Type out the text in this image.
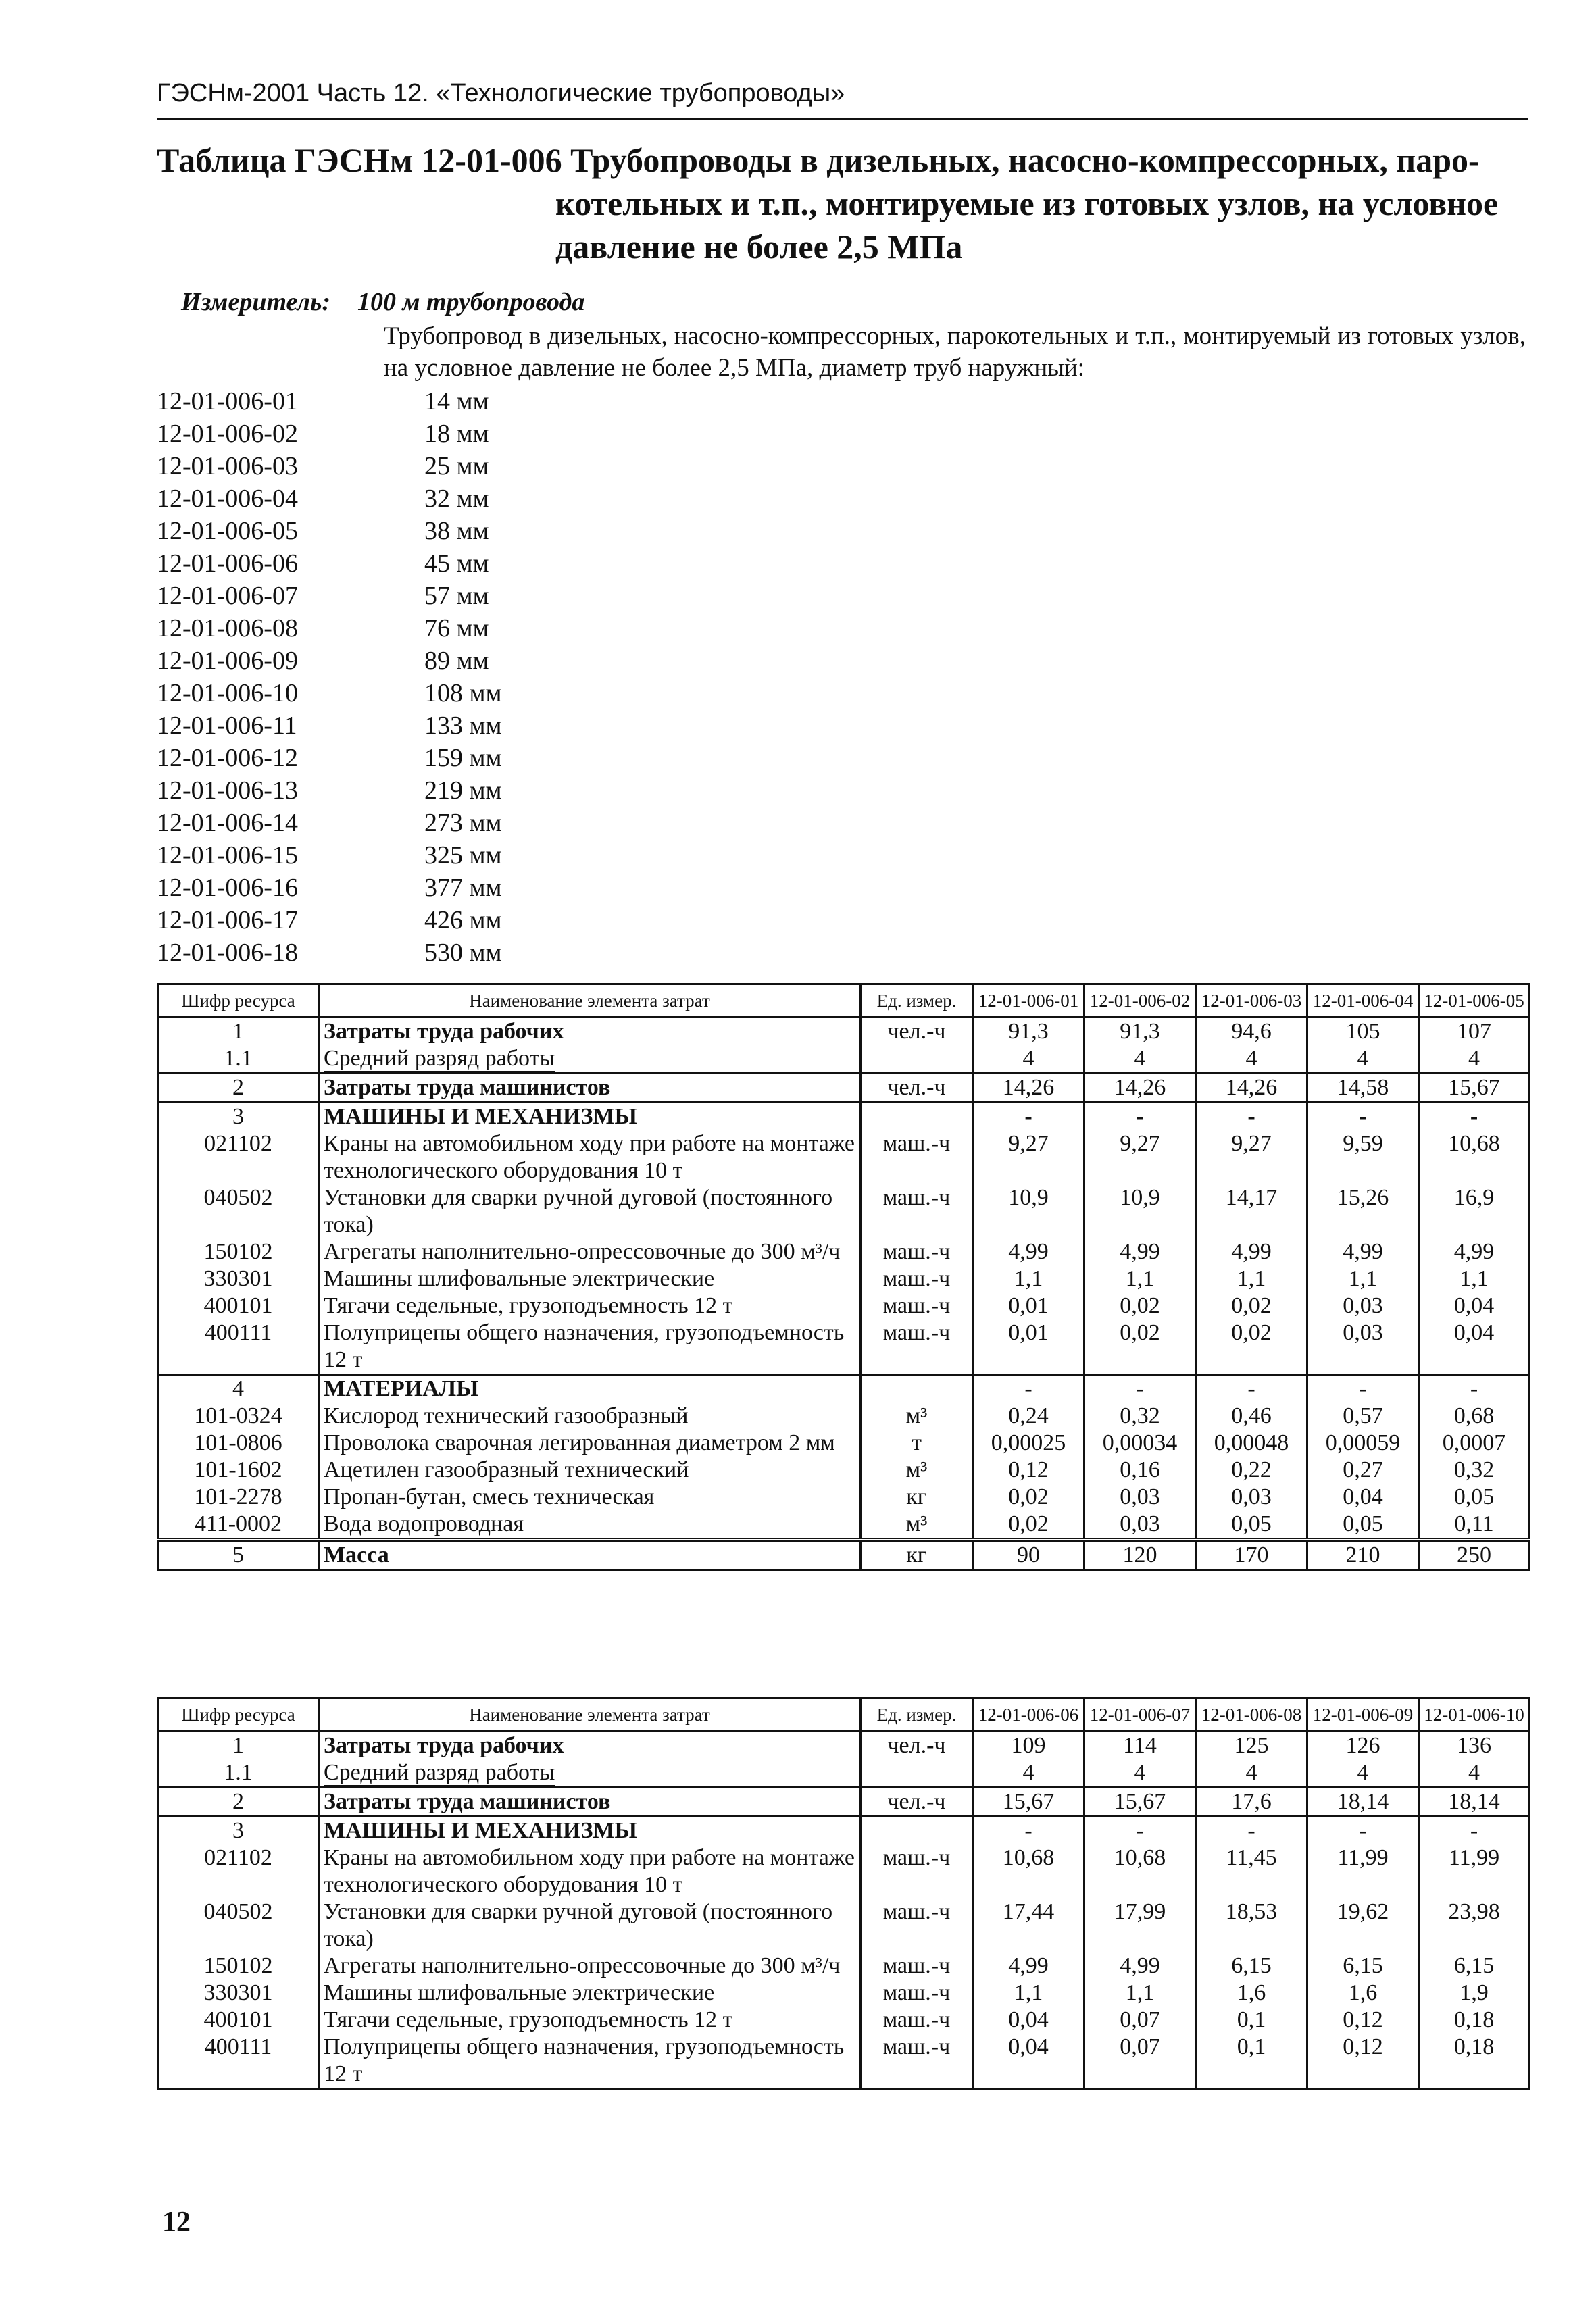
ГЭСНм-2001 Часть 12. «Технологические трубопроводы»
Таблица ГЭСНм 12-01-006 Трубопроводы в дизельных, насосно-компрессорных, паро-
котельных и т.п., монтируемые из готовых узлов, на условное
давление не более 2,5 МПа
Измеритель: 100 м трубопровода
Трубопровод в дизельных, насосно-компрессорных, парокотельных и т.п., монтируемый из готовых узлов, на условное давление не более 2,5 МПа, диаметр труб наружный:
12-01-006-01	14 мм
12-01-006-02	18 мм
12-01-006-03	25 мм
12-01-006-04	32 мм
12-01-006-05	38 мм
12-01-006-06	45 мм
12-01-006-07	57 мм
12-01-006-08	76 мм
12-01-006-09	89 мм
12-01-006-10	108 мм
12-01-006-11	133 мм
12-01-006-12	159 мм
12-01-006-13	219 мм
12-01-006-14	273 мм
12-01-006-15	325 мм
12-01-006-16	377 мм
12-01-006-17	426 мм
12-01-006-18	530 мм
Шифр ресурса	Наименование элемента затрат	Ед. измер.	12-01-006-01	12-01-006-02	12-01-006-03	12-01-006-04	12-01-006-05
1	Затраты труда рабочих	чел.-ч	91,3	91,3	94,6	105	107
1.1	Средний разряд работы		4	4	4	4	4
2	Затраты труда машинистов	чел.-ч	14,26	14,26	14,26	14,58	15,67
3	МАШИНЫ И МЕХАНИЗМЫ		-	-	-	-	-
021102	Краны на автомобильном ходу при работе на монтаже технологического оборудования 10 т	маш.-ч	9,27	9,27	9,27	9,59	10,68
040502	Установки для сварки ручной дуговой (постоянного тока)	маш.-ч	10,9	10,9	14,17	15,26	16,9
150102	Агрегаты наполнительно-опрессовочные до 300 м³/ч	маш.-ч	4,99	4,99	4,99	4,99	4,99
330301	Машины шлифовальные электрические	маш.-ч	1,1	1,1	1,1	1,1	1,1
400101	Тягачи седельные, грузоподъемность 12 т	маш.-ч	0,01	0,02	0,02	0,03	0,04
400111	Полуприцепы общего назначения, грузоподъемность 12 т	маш.-ч	0,01	0,02	0,02	0,03	0,04
4	МАТЕРИАЛЫ		-	-	-	-	-
101-0324	Кислород технический газообразный	м³	0,24	0,32	0,46	0,57	0,68
101-0806	Проволока сварочная легированная диаметром 2 мм	т	0,00025	0,00034	0,00048	0,00059	0,0007
101-1602	Ацетилен газообразный технический	м³	0,12	0,16	0,22	0,27	0,32
101-2278	Пропан-бутан, смесь техническая	кг	0,02	0,03	0,03	0,04	0,05
411-0002	Вода водопроводная	м³	0,02	0,03	0,05	0,05	0,11
5	Масса	кг	90	120	170	210	250
Шифр ресурса	Наименование элемента затрат	Ед. измер.	12-01-006-06	12-01-006-07	12-01-006-08	12-01-006-09	12-01-006-10
1	Затраты труда рабочих	чел.-ч	109	114	125	126	136
1.1	Средний разряд работы		4	4	4	4	4
2	Затраты труда машинистов	чел.-ч	15,67	15,67	17,6	18,14	18,14
3	МАШИНЫ И МЕХАНИЗМЫ		-	-	-	-	-
021102	Краны на автомобильном ходу при работе на монтаже технологического оборудования 10 т	маш.-ч	10,68	10,68	11,45	11,99	11,99
040502	Установки для сварки ручной дуговой (постоянного тока)	маш.-ч	17,44	17,99	18,53	19,62	23,98
150102	Агрегаты наполнительно-опрессовочные до 300 м³/ч	маш.-ч	4,99	4,99	6,15	6,15	6,15
330301	Машины шлифовальные электрические	маш.-ч	1,1	1,1	1,6	1,6	1,9
400101	Тягачи седельные, грузоподъемность 12 т	маш.-ч	0,04	0,07	0,1	0,12	0,18
400111	Полуприцепы общего назначения, грузоподъемность 12 т	маш.-ч	0,04	0,07	0,1	0,12	0,18
12
